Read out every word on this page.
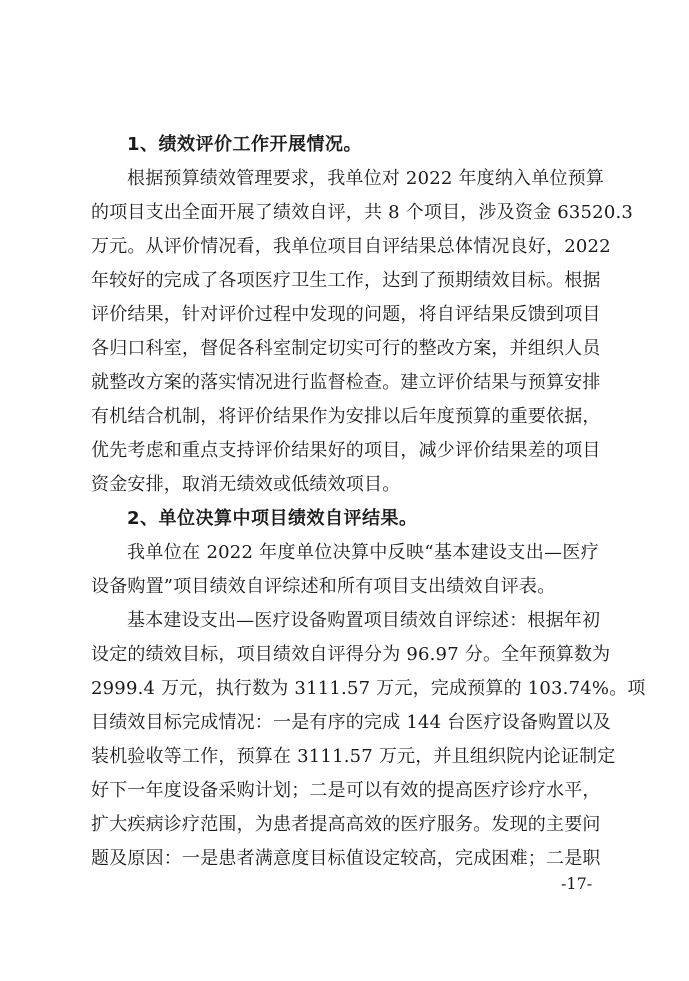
1、绩效评价工作开展情况。
根据预算绩效管理要求，我单位对 2022 年度纳入单位预算
的项目支出全面开展了绩效自评，共 8 个项目，涉及资金 63520.3
万元。从评价情况看，我单位项目自评结果总体情况良好，2022
年较好的完成了各项医疗卫生工作，达到了预期绩效目标。根据
评价结果，针对评价过程中发现的问题，将自评结果反馈到项目
各归口科室，督促各科室制定切实可行的整改方案，并组织人员
就整改方案的落实情况进行监督检查。建立评价结果与预算安排
有机结合机制，将评价结果作为安排以后年度预算的重要依据，
优先考虑和重点支持评价结果好的项目，减少评价结果差的项目
资金安排，取消无绩效或低绩效项目。
2、单位决算中项目绩效自评结果。
我单位在 2022 年度单位决算中反映“基本建设支出—医疗
设备购置”项目绩效自评综述和所有项目支出绩效自评表。
基本建设支出—医疗设备购置项目绩效自评综述：根据年初
设定的绩效目标，项目绩效自评得分为 96.97 分。全年预算数为
2999.4 万元，执行数为 3111.57 万元，完成预算的 103.74%。项
目绩效目标完成情况：一是有序的完成 144 台医疗设备购置以及
装机验收等工作，预算在 3111.57 万元，并且组织院内论证制定
好下一年度设备采购计划；二是可以有效的提高医疗诊疗水平，
扩大疾病诊疗范围，为患者提高高效的医疗服务。发现的主要问
题及原因：一是患者满意度目标值设定较高，完成困难；二是职
-17-
